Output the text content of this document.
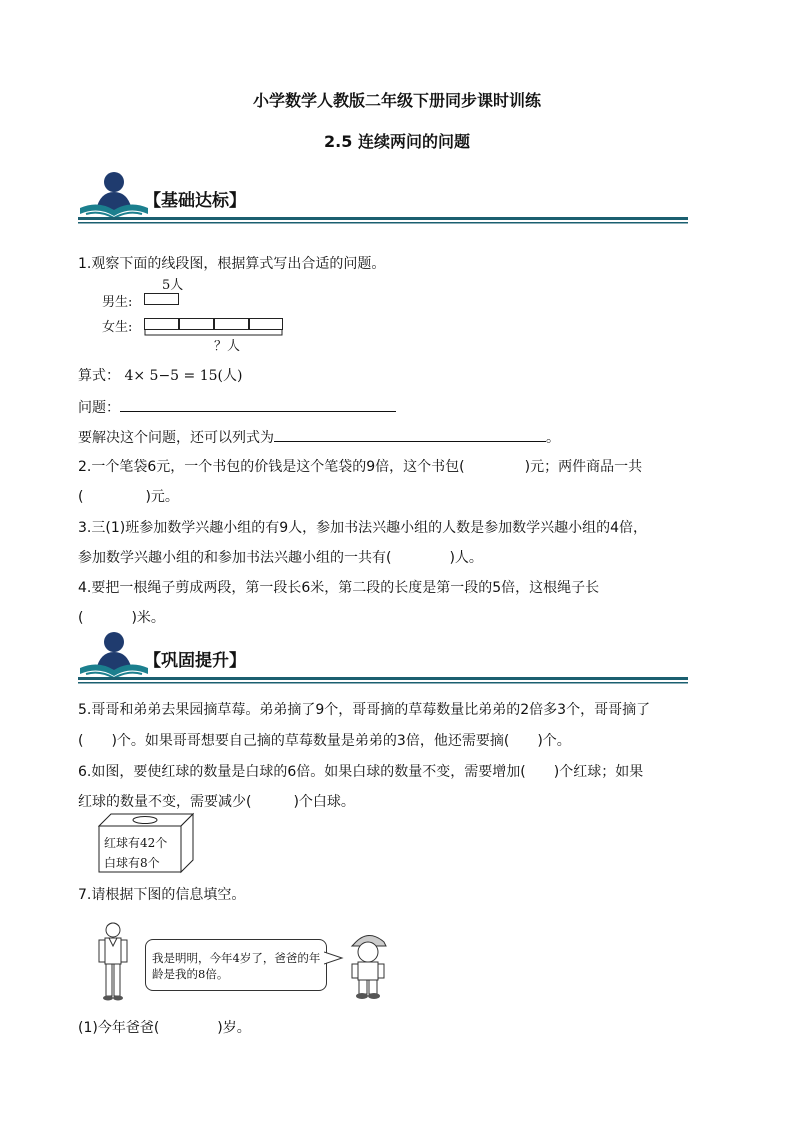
小学数学人教版二年级下册同步课时训练
2.5 连续两问的问题
【基础达标】
1.观察下面的线段图，根据算式写出合适的问题。
5人
男生:
女生:
？人
算式： 4× 5−5 = 15(人)
问题：
要解决这个问题，还可以列式为	。
2.一个笔袋6元，一个书包的价钱是这个笔袋的9倍，这个书包(	)元；两件商品一共
(	)元。
3.三(1)班参加数学兴趣小组的有9人，参加书法兴趣小组的人数是参加数学兴趣小组的4倍，
参加数学兴趣小组的和参加书法兴趣小组的一共有(	)人。
4.要把一根绳子剪成两段，第一段长6米，第二段的长度是第一段的5倍，这根绳子长
(	)米。
【巩固提升】
5.哥哥和弟弟去果园摘草莓。弟弟摘了9个，哥哥摘的草莓数量比弟弟的2倍多3个，哥哥摘了
( )个。如果哥哥想要自己摘的草莓数量是弟弟的3倍，他还需要摘( )个。
6.如图，要使红球的数量是白球的6倍。如果白球的数量不变，需要增加( )个红球；如果
红球的数量不变，需要减少(	)个白球。
红球有42个
白球有8个
7.请根据下图的信息填空。
我是明明，今年4岁了，爸爸的年龄是我的8倍。
(1)今年爸爸(	)岁。
